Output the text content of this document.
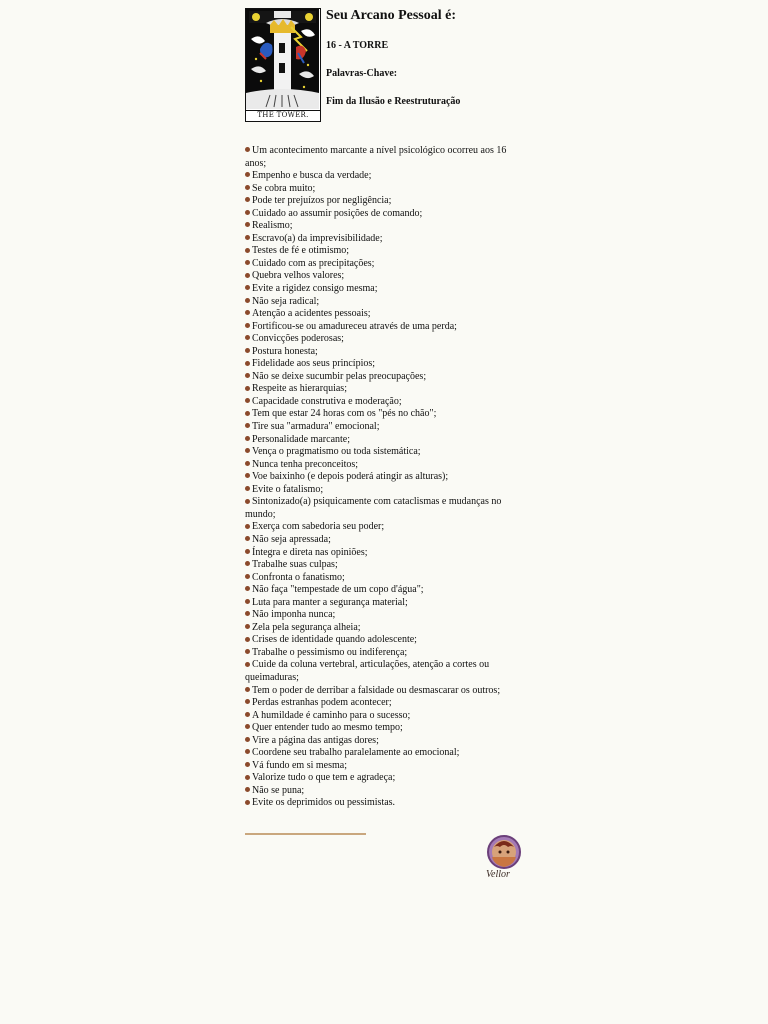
THE TOWER.
Seu Arcano Pessoal é:
16 - A TORRE
Palavras-Chave:
Fim da Ilusão e Reestruturação
Um acontecimento marcante a nível psicológico ocorreu aos 16 anos;
Empenho e busca da verdade;
Se cobra muito;
Pode ter prejuízos por negligência;
Cuidado ao assumir posições de comando;
Realismo;
Escravo(a) da imprevisibilidade;
Testes de fé e otimismo;
Cuidado com as precipitações;
Quebra velhos valores;
Evite a rigidez consigo mesma;
Não seja radical;
Atenção a acidentes pessoais;
Fortificou-se ou amadureceu através de uma perda;
Convicções poderosas;
Postura honesta;
Fidelidade aos seus princípios;
Não se deixe sucumbir pelas preocupações;
Respeite as hierarquias;
Capacidade construtiva e moderação;
Tem que estar 24 horas com os "pés no chão";
Tire sua "armadura" emocional;
Personalidade marcante;
Vença o pragmatismo ou toda sistemática;
Nunca tenha preconceitos;
Voe baixinho (e depois poderá atingir as alturas);
Evite o fatalismo;
Sintonizado(a) psiquicamente com cataclismas e mudanças no mundo;
Exerça com sabedoria seu poder;
Não seja apressada;
Íntegra e direta nas opiniões;
Trabalhe suas culpas;
Confronta o fanatismo;
Não faça "tempestade de um copo d'água";
Luta para manter a segurança material;
Não imponha nunca;
Zela pela segurança alheia;
Crises de identidade quando adolescente;
Trabalhe o pessimismo ou indiferença;
Cuide da coluna vertebral, articulações, atenção a cortes ou queimaduras;
Tem o poder de derribar a falsidade ou desmascarar os outros;
Perdas estranhas podem acontecer;
A humildade é caminho para o sucesso;
Quer entender tudo ao mesmo tempo;
Vire a página das antigas dores;
Coordene seu trabalho paralelamente ao emocional;
Vá fundo em si mesma;
Valorize tudo o que tem e agradeça;
Não se puna;
Evite os deprimidos ou pessimistas.
Vellor
